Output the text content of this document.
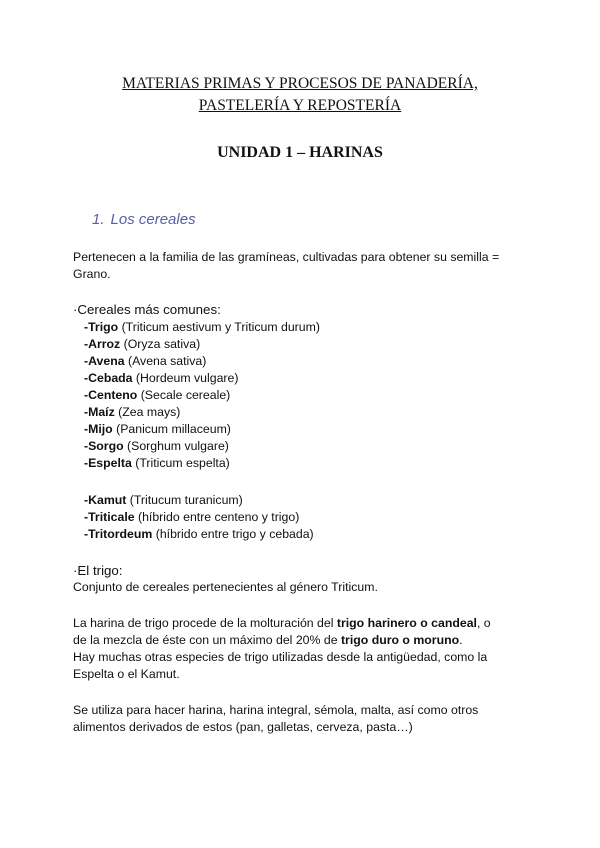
MATERIAS PRIMAS Y PROCESOS DE PANADERÍA,
PASTELERÍA Y REPOSTERÍA
UNIDAD 1 – HARINAS
1. Los cereales
Pertenecen a la familia de las gramíneas, cultivadas para obtener su semilla =
Grano.
·Cereales más comunes:
-Trigo (Triticum aestivum y Triticum durum)
-Arroz (Oryza sativa)
-Avena (Avena sativa)
-Cebada (Hordeum vulgare)
-Centeno (Secale cereale)
-Maíz (Zea mays)
-Mijo (Panicum millaceum)
-Sorgo (Sorghum vulgare)
-Espelta (Triticum espelta)
-Kamut (Tritucum turanicum)
-Triticale (híbrido entre centeno y trigo)
-Tritordeum (híbrido entre trigo y cebada)
·El trigo:
Conjunto de cereales pertenecientes al género Triticum.
La harina de trigo procede de la molturación del trigo harinero o candeal, o
de la mezcla de éste con un máximo del 20% de trigo duro o moruno.
Hay muchas otras especies de trigo utilizadas desde la antigüedad, como la
Espelta o el Kamut.
Se utiliza para hacer harina, harina integral, sémola, malta, así como otros
alimentos derivados de estos (pan, galletas, cerveza, pasta…)
